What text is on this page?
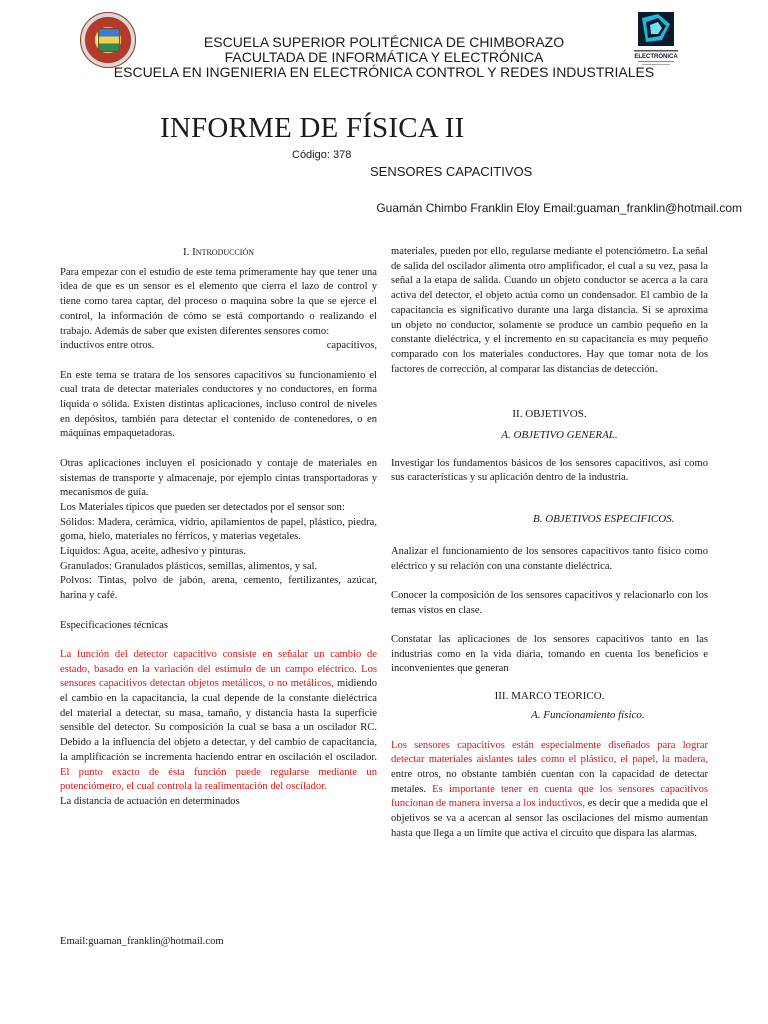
ELECTRÓNICA
ESCUELA SUPERIOR POLITÉCNICA DE CHIMBORAZO
FACULTADA DE INFORMÁTICA Y ELECTRÓNICA
ESCUELA EN INGENIERIA EN ELECTRÓNICA CONTROL Y REDES INDUSTRIALES
INFORME DE FÍSICA II
Código: 378
SENSORES CAPACITIVOS
Guamán Chimbo Franklin Eloy Email:guaman_franklin@hotmail.com

I. Introducción

Para empezar con el estudio de este tema primeramente hay que tener una idea de que es un sensor es el elemento que cierra el lazo de control y tiene como tarea captar, del proceso o maquina sobre la que se ejerce el control, la información de cómo se está comportando o realizando el trabajo. Además de saber que existen diferentes sensores como:

inductivos entre otros.	capacitivos,

En este tema se tratara de los sensores capacitivos su funcionamiento el cual trata de detectar materiales conductores y no conductores, en forma líquida o sólida. Existen distintas aplicaciones, incluso control de niveles en depósitos, también para detectar el contenido de contenedores, o en máquinas empaquetadoras.

Otras aplicaciones incluyen el posicionado y contaje de materiales en sistemas de transporte y almacenaje, por ejemplo cintas transportadoras y mecanismos de guía.

Los Materiales típicos que pueden ser detectados por el sensor son:

Sólidos: Madera, cerámica, vidrio, apilamientos de papel, plástico, piedra, goma, hielo, materiales no férricos, y materias vegetales.

Líquidos: Agua, aceite, adhesivo y pinturas.

Granulados: Granulados plásticos, semillas, alimentos, y sal.

Polvos: Tintas, polvo de jabón, arena, cemento, fertilizantes, azúcar, harina y café.

Especificaciones técnicas

La función del detector capacitivo consiste en señalar un cambio de estado, basado en la variación del estímulo de un campo eléctrico. Los sensores capacitivos detectan objetos metálicos, o no metálicos, midiendo el cambio en la capacitancia, la cual depende de la constante dieléctrica del material a detectar, su masa, tamaño, y distancia hasta la superficie sensible del detector. Su composición la cual se basa a un oscilador RC. Debido a la influencia del objeto a detectar, y del cambio de capacitancia, la amplificación se incrementa haciendo entrar en oscilación el oscilador. El punto exacto de ésta función puede regularse mediante un potenciómetro, el cual controla la realimentación del oscilador.

La distancia de actuación en determinados

Email:guaman_franklin@hotmail.com

materiales, pueden por ello, regularse mediante el potenciómetro. La señal de salida del oscilador alimenta otro amplificador, el cual a su vez, pasa la señal a la etapa de salida. Cuando un objeto conductor se acerca a la cara activa del detector, el objeto actúa como un condensador. El cambio de la capacitancia es significativo durante una larga distancia. Si se aproxima un objeto no conductor, solamente se produce un cambio pequeño en la constante dieléctrica, y el incremento en su capacitancia es muy pequeño comparado con los materiales conductores. Hay que tomar nota de los factores de corrección, al comparar las distancias de detección.

II. OBJETIVOS.

A. OBJETIVO GENERAL.

Investigar los fundamentos básicos de los sensores capacitivos, así como sus características y su aplicación dentro de la industria.

B. OBJETIVOS ESPECIFICOS.

Analizar el funcionamiento de los sensores capacitivos tanto físico como eléctrico y su relación con una constante dieléctrica.

Conocer la composición de los sensores capacitivos y relacionarlo con los temas vistos en clase.

Constatar las aplicaciones de los sensores capacitivos tanto en las industrias como en la vida diaria, tomando en cuenta los beneficios e inconvenientes que generan

III. MARCO TEORICO.

A. Funcionamiento físico.

Los sensores capacitivos están especialmente diseñados para lograr detectar materiales aislantes tales como el plástico, el papel, la madera, entre otros, no obstante también cuentan con la capacidad de detectar metales. Es importante tener en cuenta que los sensores capacitivos funcionan de manera inversa a los inductivos, es decir que a medida que el objetivos se va a acercan al sensor las oscilaciones del mismo aumentan hasta que llega a un límite que activa el circuito que dispara las alarmas.
